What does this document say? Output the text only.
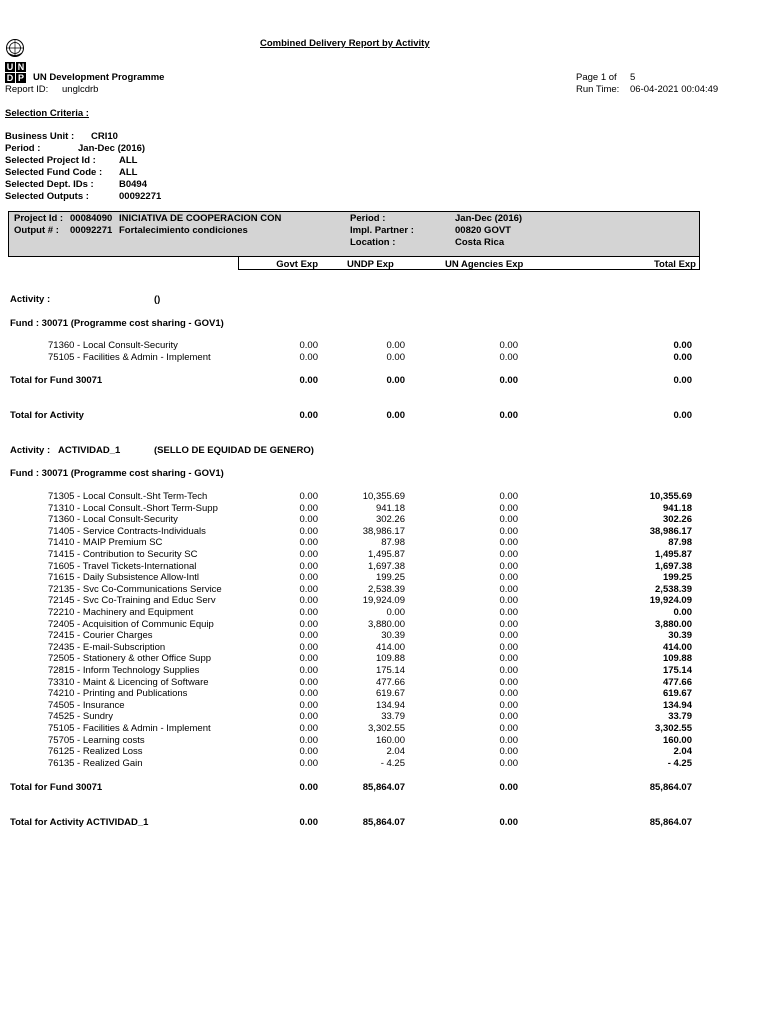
U N
D P
Combined Delivery Report by Activity
UN Development Programme
Report ID: unglcdrb
Page 1 of 5
Run Time: 06-04-2021 00:04:49
Selection Criteria :
Business Unit : CRI10
Period :	Jan-Dec (2016)
Selected Project Id : ALL
Selected Fund Code : ALL
Selected Dept. IDs :	B0494
Selected Outputs :	00092271
Project Id : 00084090 INICIATIVA DE COOPERACION CON
Output # : 00092271 Fortalecimiento condiciones
Period :	Jan-Dec (2016)
Impl. Partner :	00820 GOVT
Location :	Costa Rica
Govt Exp	UNDP Exp	UN Agencies Exp	Total Exp
Activity :	()
Fund : 30071 (Programme cost sharing - GOV1)
71360 - Local Consult-Security	0.00	0.00	0.00	0.00
75105 - Facilities & Admin - Implement	0.00	0.00	0.00	0.00
Total for Fund 30071	0.00	0.00	0.00	0.00
Total for Activity	0.00	0.00	0.00	0.00
Activity : ACTIVIDAD_1	(SELLO DE EQUIDAD DE GENERO)
Fund : 30071 (Programme cost sharing - GOV1)
71305 - Local Consult.-Sht Term-Tech	0.00	10,355.69	0.00	10,355.69
71310 - Local Consult.-Short Term-Supp	0.00	941.18	0.00	941.18
71360 - Local Consult-Security	0.00	302.26	0.00	302.26
71405 - Service Contracts-Individuals	0.00	38,986.17	0.00	38,986.17
71410 - MAIP Premium SC	0.00	87.98	0.00	87.98
71415 - Contribution to Security SC	0.00	1,495.87	0.00	1,495.87
71605 - Travel Tickets-International	0.00	1,697.38	0.00	1,697.38
71615 - Daily Subsistence Allow-Intl	0.00	199.25	0.00	199.25
72135 - Svc Co-Communications Service	0.00	2,538.39	0.00	2,538.39
72145 - Svc Co-Training and Educ Serv	0.00	19,924.09	0.00	19,924.09
72210 - Machinery and Equipment	0.00	0.00	0.00	0.00
72405 - Acquisition of Communic Equip	0.00	3,880.00	0.00	3,880.00
72415 - Courier Charges	0.00	30.39	0.00	30.39
72435 - E-mail-Subscription	0.00	414.00	0.00	414.00
72505 - Stationery & other Office Supp	0.00	109.88	0.00	109.88
72815 - Inform Technology Supplies	0.00	175.14	0.00	175.14
73310 - Maint & Licencing of Software	0.00	477.66	0.00	477.66
74210 - Printing and Publications	0.00	619.67	0.00	619.67
74505 - Insurance	0.00	134.94	0.00	134.94
74525 - Sundry	0.00	33.79	0.00	33.79
75105 - Facilities & Admin - Implement	0.00	3,302.55	0.00	3,302.55
75705 - Learning costs	0.00	160.00	0.00	160.00
76125 - Realized Loss	0.00	2.04	0.00	2.04
76135 - Realized Gain	0.00	- 4.25	0.00	- 4.25
Total for Fund 30071	0.00	85,864.07	0.00	85,864.07
Total for Activity ACTIVIDAD_1	0.00	85,864.07	0.00	85,864.07
